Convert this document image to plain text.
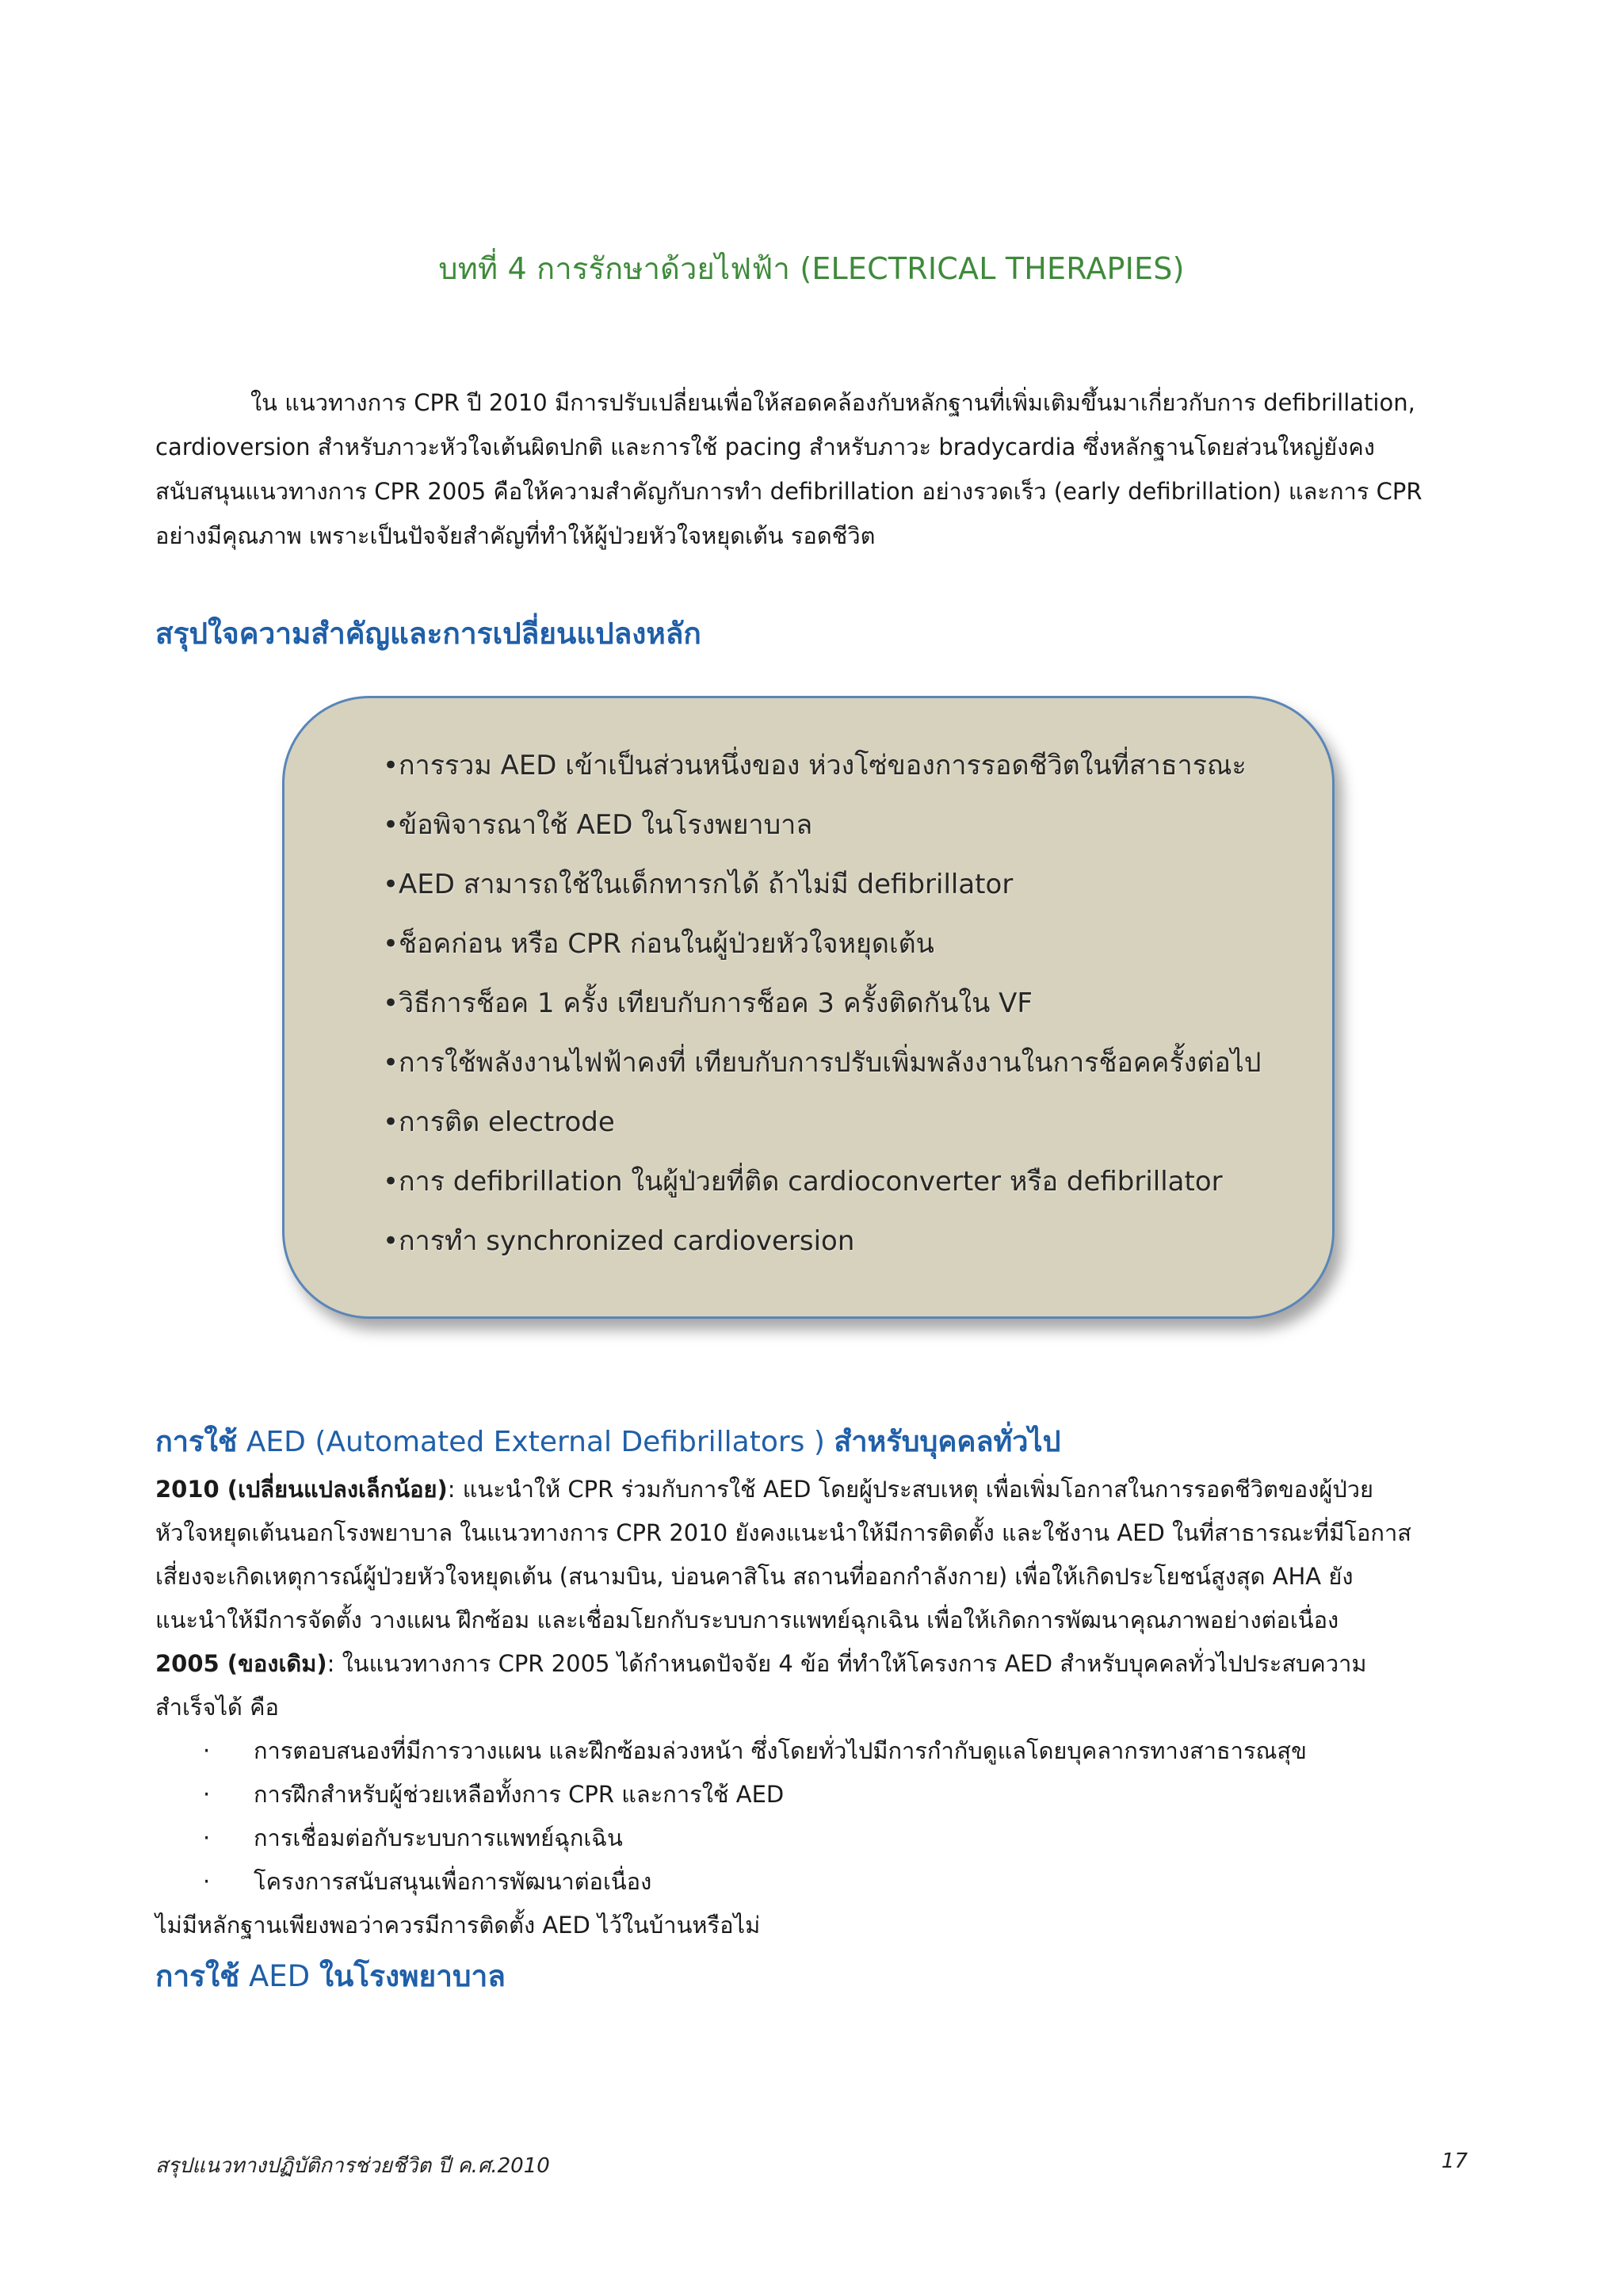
บทที่ 4 การรักษาด้วยไฟฟ้า (ELECTRICAL THERAPIES)
ใน แนวทางการ CPR ปี 2010 มีการปรับเปลี่ยนเพื่อให้สอดคล้องกับหลักฐานที่เพิ่มเติมขึ้นมาเกี่ยวกับการ defibrillation,
cardioversion สำหรับภาวะหัวใจเต้นผิดปกติ และการใช้ pacing สำหรับภาวะ bradycardia ซึ่งหลักฐานโดยส่วนใหญ่ยังคง
สนับสนุนแนวทางการ CPR 2005 คือให้ความสำคัญกับการทำ defibrillation อย่างรวดเร็ว (early defibrillation) และการ CPR
อย่างมีคุณภาพ เพราะเป็นปัจจัยสำคัญที่ทำให้ผู้ป่วยหัวใจหยุดเต้น รอดชีวิต
สรุปใจความสำคัญและการเปลี่ยนแปลงหลัก
•การรวม AED เข้าเป็นส่วนหนึ่งของ ห่วงโซ่ของการรอดชีวิตในที่สาธารณะ
•ข้อพิจารณาใช้ AED ในโรงพยาบาล
•AED สามารถใช้ในเด็กทารกได้ ถ้าไม่มี defibrillator
•ช็อคก่อน หรือ CPR ก่อนในผู้ป่วยหัวใจหยุดเต้น
•วิธีการช็อค 1 ครั้ง เทียบกับการช็อค 3 ครั้งติดกันใน VF
•การใช้พลังงานไฟฟ้าคงที่ เทียบกับการปรับเพิ่มพลังงานในการช็อคครั้งต่อไป
•การติด electrode
•การ defibrillation ในผู้ป่วยที่ติด cardioconverter หรือ defibrillator
•การทำ synchronized cardioversion
การใช้ AED (Automated External Defibrillators ) สำหรับบุคคลทั่วไป
2010 (เปลี่ยนแปลงเล็กน้อย): แนะนำให้ CPR ร่วมกับการใช้ AED โดยผู้ประสบเหตุ เพื่อเพิ่มโอกาสในการรอดชีวิตของผู้ป่วย
หัวใจหยุดเต้นนอกโรงพยาบาล ในแนวทางการ CPR 2010 ยังคงแนะนำให้มีการติดตั้ง และใช้งาน AED ในที่สาธารณะที่มีโอกาส
เสี่ยงจะเกิดเหตุการณ์ผู้ป่วยหัวใจหยุดเต้น (สนามบิน, บ่อนคาสิโน สถานที่ออกกำลังกาย) เพื่อให้เกิดประโยชน์สูงสุด AHA ยัง
แนะนำให้มีการจัดตั้ง วางแผน ฝึกซ้อม และเชื่อมโยกกับระบบการแพทย์ฉุกเฉิน เพื่อให้เกิดการพัฒนาคุณภาพอย่างต่อเนื่อง
2005 (ของเดิม): ในแนวทางการ CPR 2005 ได้กำหนดปัจจัย 4 ข้อ ที่ทำให้โครงการ AED สำหรับบุคคลทั่วไปประสบความ
สำเร็จได้ คือ
· การตอบสนองที่มีการวางแผน และฝึกซ้อมล่วงหน้า ซึ่งโดยทั่วไปมีการกำกับดูแลโดยบุคลากรทางสาธารณสุข
· การฝึกสำหรับผู้ช่วยเหลือทั้งการ CPR และการใช้ AED
· การเชื่อมต่อกับระบบการแพทย์ฉุกเฉิน
· โครงการสนับสนุนเพื่อการพัฒนาต่อเนื่อง
ไม่มีหลักฐานเพียงพอว่าควรมีการติดตั้ง AED ไว้ในบ้านหรือไม่
การใช้ AED ในโรงพยาบาล
สรุปแนวทางปฏิบัติการช่วยชีวิต ปี ค.ศ.2010	17
